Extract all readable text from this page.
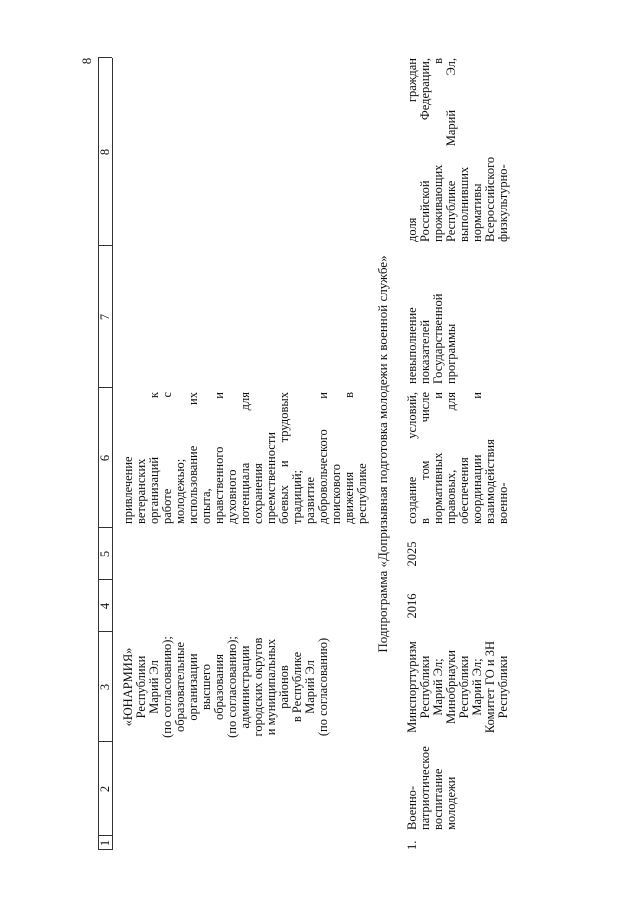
8
1
2
3
4
5
6
7
8
«ЮНАРМИЯ» Республики Марий Эл (по согласованию); образовательные организации высшего образования (по согласованию); администрации городских округов и муниципальных районов в Республике Марий Эл (по согласованию)
привлечение ветеранских организаций к работе с молодежью; использование их опыта, нравственного и духовного потенциала для сохранения преемственности боевых и трудовых традиций; развитие добровольческого и поискового движения в республике Подпрограмма «Допризывная подготовка молодежи к военной службе»
1.
Военно- патриотическое воспитание молодежи
Минспорттуризм Республики Марий Эл; Минобрнауки Республики Марий Эл; Комитет ГО и ЗН Республики
2016
2025
создание условий, в том числе нормативных и правовых, для обеспечения координации и взаимодействия военно-
невыполнение показателей Государственной программы
доля граждан Российской Федерации, проживающих в Республике Марий Эл, выполнивших нормативы Всероссийского физкультурно-
